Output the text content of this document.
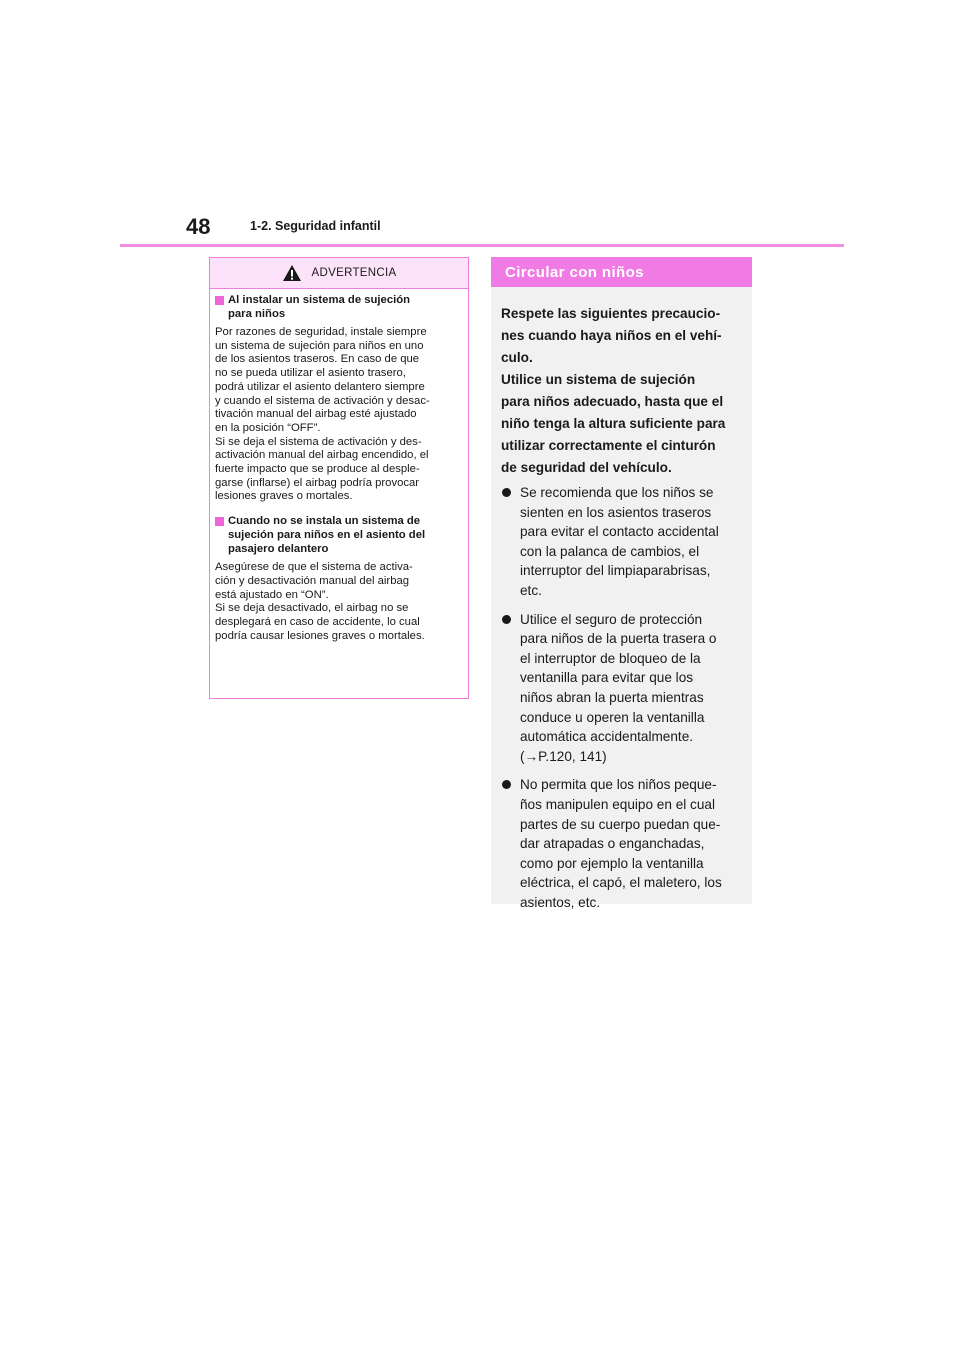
48	1-2. Seguridad infantil
ADVERTENCIA
Al instalar un sistema de sujeción
para niños
Por razones de seguridad, instale siempre
un sistema de sujeción para niños en uno
de los asientos traseros. En caso de que
no se pueda utilizar el asiento trasero,
podrá utilizar el asiento delantero siempre
y cuando el sistema de activación y desac-
tivación manual del airbag esté ajustado
en la posición “OFF”.
Si se deja el sistema de activación y des-
activación manual del airbag encendido, el
fuerte impacto que se produce al desple-
garse (inflarse) el airbag podría provocar
lesiones graves o mortales.
Cuando no se instala un sistema de
sujeción para niños en el asiento del
pasajero delantero
Asegúrese de que el sistema de activa-
ción y desactivación manual del airbag
está ajustado en “ON”.
Si se deja desactivado, el airbag no se
desplegará en caso de accidente, lo cual
podría causar lesiones graves o mortales.
Circular con niños
Respete las siguientes precaucio-
nes cuando haya niños en el vehí-
culo.
Utilice un sistema de sujeción
para niños adecuado, hasta que el
niño tenga la altura suficiente para
utilizar correctamente el cinturón
de seguridad del vehículo.
Se recomienda que los niños se
sienten en los asientos traseros
para evitar el contacto accidental
con la palanca de cambios, el
interruptor del limpiaparabrisas,
etc.
Utilice el seguro de protección
para niños de la puerta trasera o
el interruptor de bloqueo de la
ventanilla para evitar que los
niños abran la puerta mientras
conduce u operen la ventanilla
automática accidentalmente.
(→P.120, 141)
No permita que los niños peque-
ños manipulen equipo en el cual
partes de su cuerpo puedan que-
dar atrapadas o enganchadas,
como por ejemplo la ventanilla
eléctrica, el capó, el maletero, los
asientos, etc.
